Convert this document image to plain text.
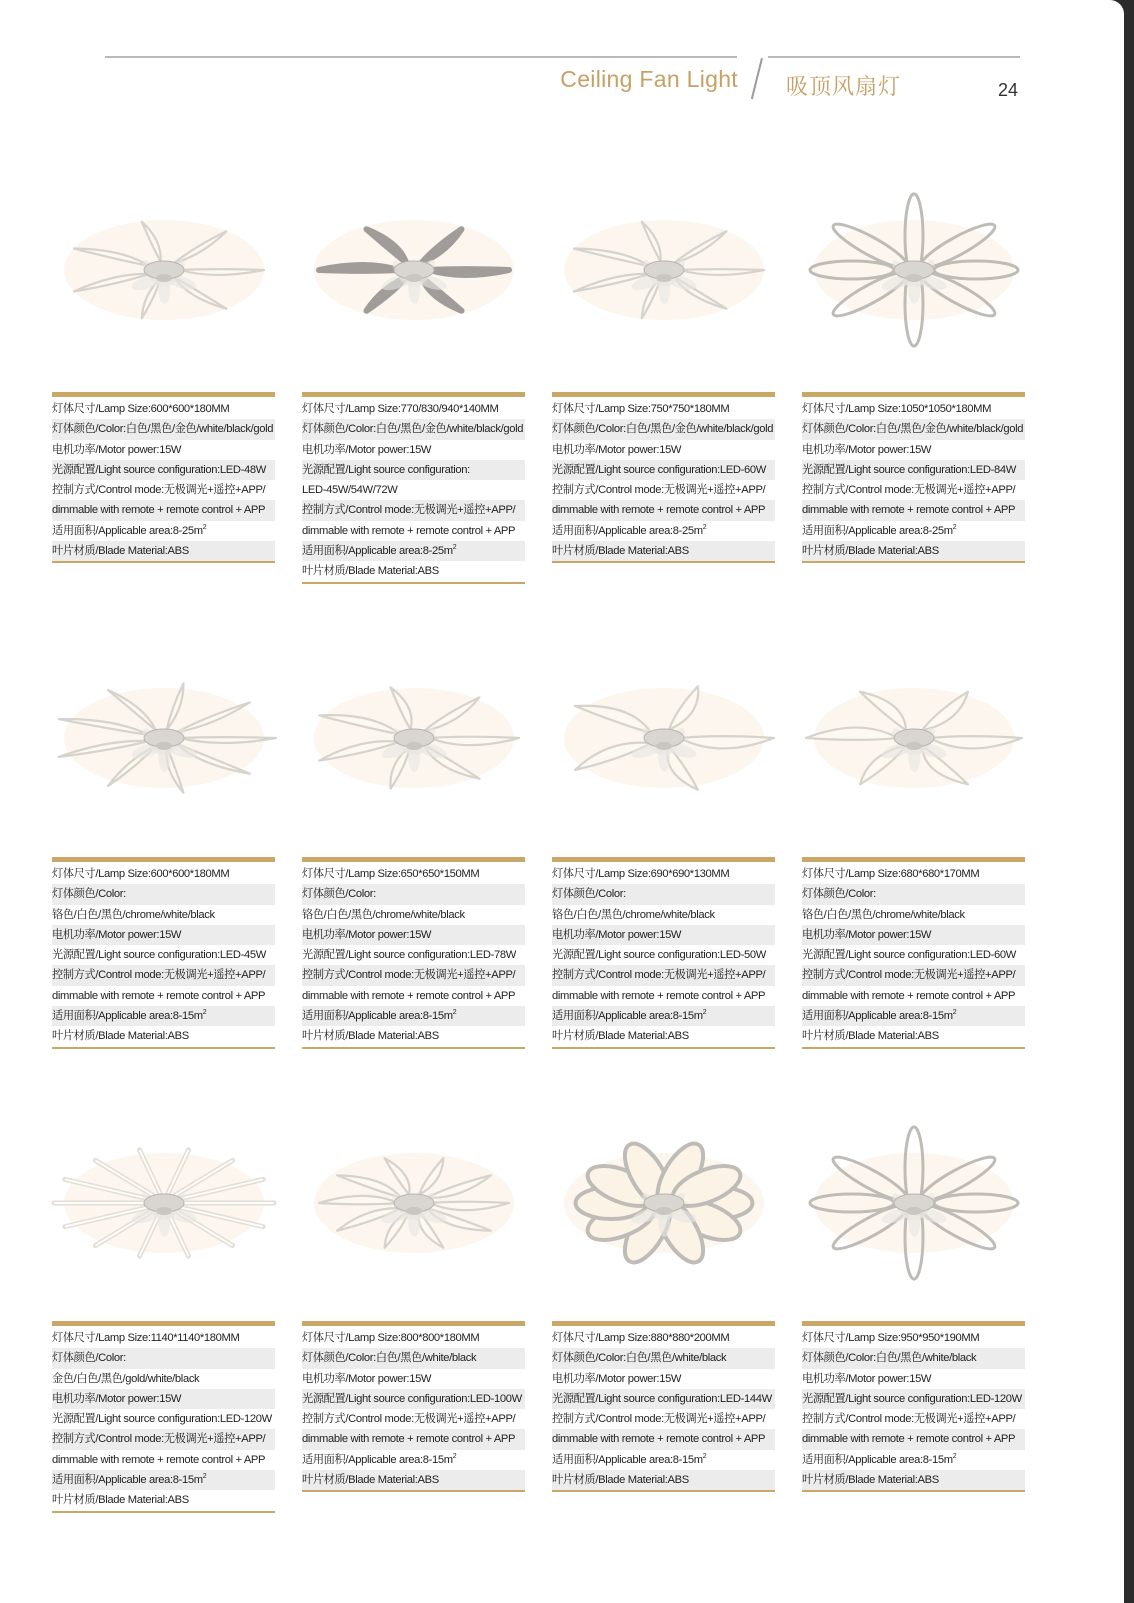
Ceiling Fan Light 吸顶风扇灯	24
灯体尺寸/Lamp Size:600*600*180MM
灯体颜色/Color:白色/黑色/金色/white/black/gold
电机功率/Motor power:15W
光源配置/Light source configuration:LED-48W
控制方式/Control mode:无极调光+遥控+APP/
dimmable with remote + remote control + APP
适用面积/Applicable $area:8-25m^2$
叶片材质/Blade Material:ABS
灯体尺寸/Lamp Size:770/830/940*140MM
灯体颜色/Color:白色/黑色/金色/white/black/gold
电机功率/Motor power:15W
光源配置/Light source configuration:
LED-45W/54W/72W
控制方式/Control mode:无极调光+遥控+APP/
dimmable with remote + remote control + APP
适用面积/Applicable $area:8-25m^2$
叶片材质/Blade Material:ABS
灯体尺寸/Lamp Size:750*750*180MM
灯体颜色/Color:白色/黑色/金色/white/black/gold
电机功率/Motor power:15W
光源配置/Light source configuration:LED-60W
控制方式/Control mode:无极调光+遥控+APP/
dimmable with remote + remote control + APP
适用面积/Applicable $area:8-25m^2$
叶片材质/Blade Material:ABS
灯体尺寸/Lamp Size:1050*1050*180MM
灯体颜色/Color:白色/黑色/金色/white/black/gold
电机功率/Motor power:15W
光源配置/Light source configuration:LED-84W
控制方式/Control mode:无极调光+遥控+APP/
dimmable with remote + remote control + APP
适用面积/Applicable $area:8-25m^2$
叶片材质/Blade Material:ABS
灯体尺寸/Lamp Size:600*600*180MM
灯体颜色/Color:
铬色/白色/黑色/chrome/white/black
电机功率/Motor power:15W
光源配置/Light source configuration:LED-45W
控制方式/Control mode:无极调光+遥控+APP/
dimmable with remote + remote control + APP
适用面积/Applicable $area:8-15m^2$
叶片材质/Blade Material:ABS
灯体尺寸/Lamp Size:650*650*150MM
灯体颜色/Color:
铬色/白色/黑色/chrome/white/black
电机功率/Motor power:15W
光源配置/Light source configuration:LED-78W
控制方式/Control mode:无极调光+遥控+APP/
dimmable with remote + remote control + APP
适用面积/Applicable $area:8-15m^2$
叶片材质/Blade Material:ABS
灯体尺寸/Lamp Size:690*690*130MM
灯体颜色/Color:
铬色/白色/黑色/chrome/white/black
电机功率/Motor power:15W
光源配置/Light source configuration:LED-50W
控制方式/Control mode:无极调光+遥控+APP/
dimmable with remote + remote control + APP
适用面积/Applicable $area:8-15m^2$
叶片材质/Blade Material:ABS
灯体尺寸/Lamp Size:680*680*170MM
灯体颜色/Color:
铬色/白色/黑色/chrome/white/black
电机功率/Motor power:15W
光源配置/Light source configuration:LED-60W
控制方式/Control mode:无极调光+遥控+APP/
dimmable with remote + remote control + APP
适用面积/Applicable $area:8-15m^2$
叶片材质/Blade Material:ABS
灯体尺寸/Lamp Size:1140*1140*180MM
灯体颜色/Color:
金色/白色/黑色/gold/white/black
电机功率/Motor power:15W
光源配置/Light source configuration:LED-120W
控制方式/Control mode:无极调光+遥控+APP/
dimmable with remote + remote control + APP
适用面积/Applicable $area:8-15m^2$
叶片材质/Blade Material:ABS
灯体尺寸/Lamp Size:800*800*180MM
灯体颜色/Color:白色/黑色/white/black
电机功率/Motor power:15W
光源配置/Light source configuration:LED-100W
控制方式/Control mode:无极调光+遥控+APP/
dimmable with remote + remote control + APP
适用面积/Applicable $area:8-15m^2$
叶片材质/Blade Material:ABS
灯体尺寸/Lamp Size:880*880*200MM
灯体颜色/Color:白色/黑色/white/black
电机功率/Motor power:15W
光源配置/Light source configuration:LED-144W
控制方式/Control mode:无极调光+遥控+APP/
dimmable with remote + remote control + APP
适用面积/Applicable $area:8-15m^2$
叶片材质/Blade Material:ABS
灯体尺寸/Lamp Size:950*950*190MM
灯体颜色/Color:白色/黑色/white/black
电机功率/Motor power:15W
光源配置/Light source configuration:LED-120W
控制方式/Control mode:无极调光+遥控+APP/
dimmable with remote + remote control + APP
适用面积/Applicable $area:8-15m^2$
叶片材质/Blade Material:ABS
